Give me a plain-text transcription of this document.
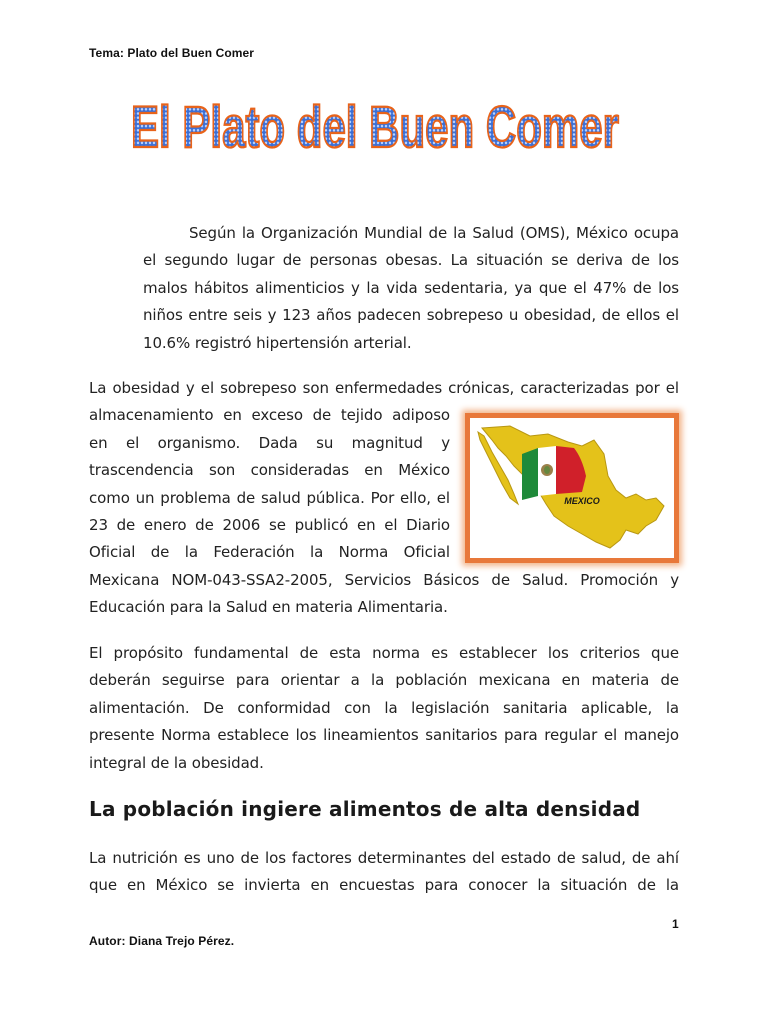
Tema: Plato del Buen Comer
El Plato del Buen Comer
Según la Organización Mundial de la Salud (OMS), México ocupa
el segundo lugar de personas obesas. La situación se deriva de los
malos hábitos alimenticios y la vida sedentaria, ya que el 47% de los
niños entre seis y 123 años padecen sobrepeso u obesidad, de ellos el
10.6% registró hipertensión arterial.
La obesidad y el sobrepeso son enfermedades crónicas, caracterizadas por el
almacenamiento en exceso de tejido adiposo
en el organismo. Dada su magnitud y
trascendencia son consideradas en México
como un problema de salud pública. Por ello, el
23 de enero de 2006 se publicó en el Diario
Oficial de la Federación la Norma Oficial
Mexicana NOM-043-SSA2-2005, Servicios Básicos de Salud. Promoción y
Educación para la Salud en materia Alimentaria.
MEXICO
El propósito fundamental de esta norma es establecer los criterios que
deberán seguirse para orientar a la población mexicana en materia de
alimentación. De conformidad con la legislación sanitaria aplicable, la
presente Norma establece los lineamientos sanitarios para regular el manejo
integral de la obesidad.
La población ingiere alimentos de alta densidad
La nutrición es uno de los factores determinantes del estado de salud, de ahí
que en México se invierta en encuestas para conocer la situación de la
1
Autor: Diana Trejo Pérez.
